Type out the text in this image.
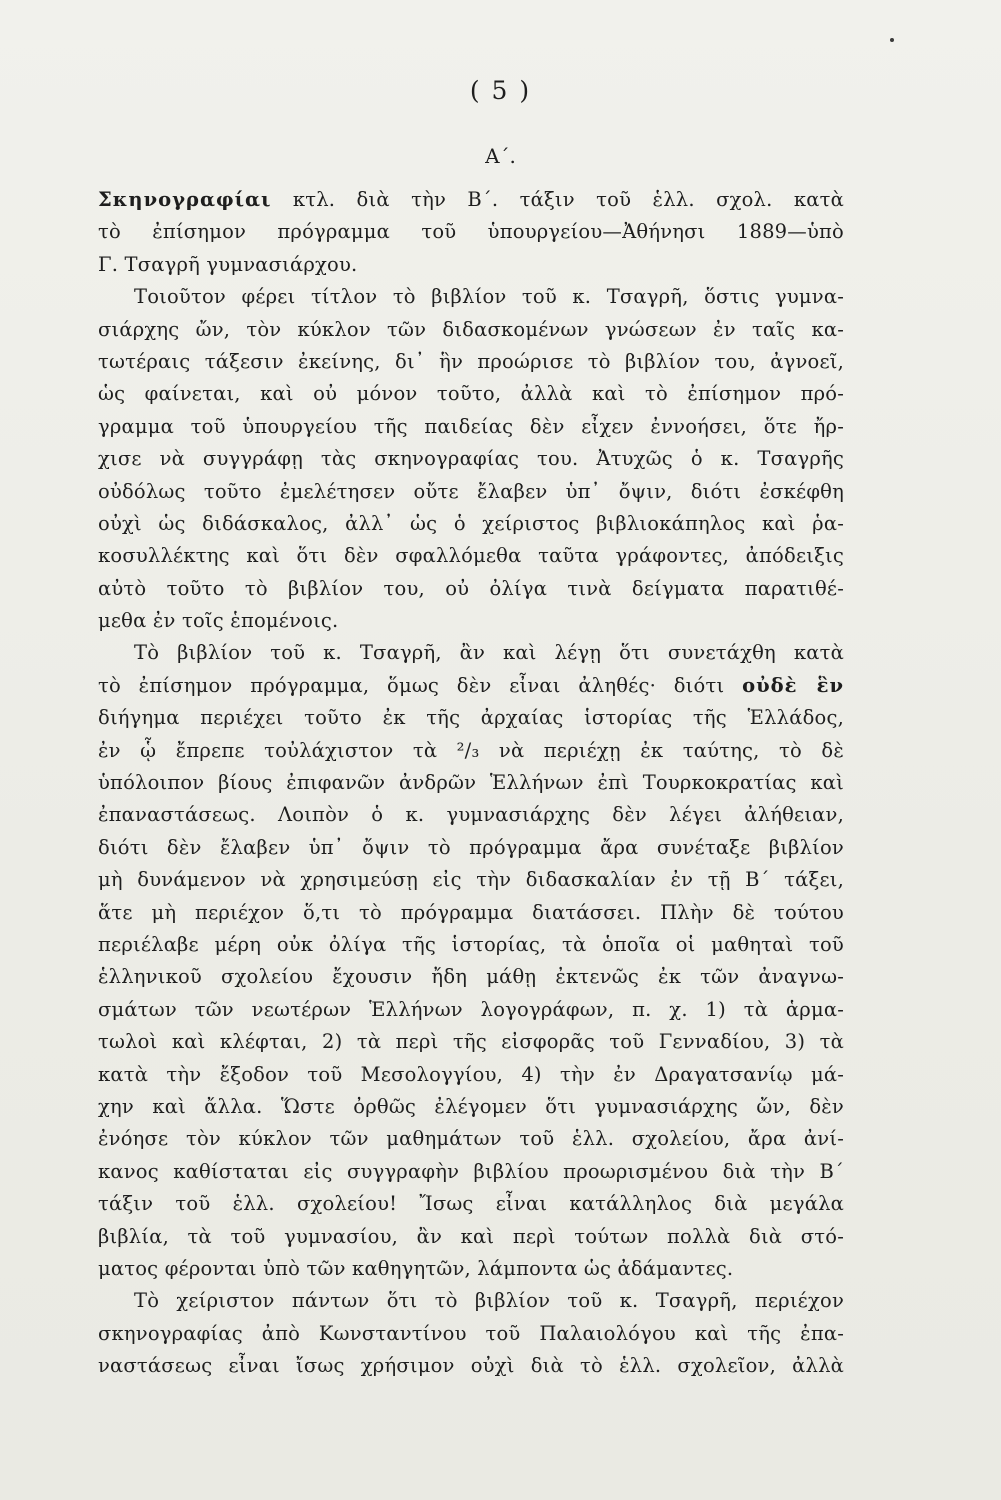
( 5 )
Α΄.
Σκηνογραφίαι κτλ. διὰ τὴν Β΄. τάξιν τοῦ ἑλλ. σχολ. κατὰ
τὸ ἐπίσημον πρόγραμμα τοῦ ὑπουργείου—Ἀθήνησι 1889—ὑπὸ
Γ. Τσαγρῆ γυμνασιάρχου.
Τοιοῦτον φέρει τίτλον τὸ βιβλίον τοῦ κ. Τσαγρῆ, ὅστις γυμνα-
σιάρχης ὤν, τὸν κύκλον τῶν διδασκομένων γνώσεων ἐν ταῖς κα-
τωτέραις τάξεσιν ἐκείνης, δι᾽ ἣν προώρισε τὸ βιβλίον του, ἀγνοεῖ,
ὡς φαίνεται, καὶ οὐ μόνον τοῦτο, ἀλλὰ καὶ τὸ ἐπίσημον πρό-
γραμμα τοῦ ὑπουργείου τῆς παιδείας δὲν εἶχεν ἐννοήσει, ὅτε ἤρ-
χισε νὰ συγγράφῃ τὰς σκηνογραφίας του. Ἀτυχῶς ὁ κ. Τσαγρῆς
οὐδόλως τοῦτο ἐμελέτησεν οὔτε ἔλαβεν ὑπ᾽ ὄψιν, διότι ἐσκέφθη
οὐχὶ ὡς διδάσκαλος, ἀλλ᾽ ὡς ὁ χείριστος βιβλιοκάπηλος καὶ ῥα-
κοσυλλέκτης καὶ ὅτι δὲν σφαλλόμεθα ταῦτα γράφοντες, ἀπόδειξις
αὐτὸ τοῦτο τὸ βιβλίον του, οὐ ὀλίγα τινὰ δείγματα παρατιθέ-
μεθα ἐν τοῖς ἑπομένοις.
Τὸ βιβλίον τοῦ κ. Τσαγρῆ, ἂν καὶ λέγῃ ὅτι συνετάχθη κατὰ
τὸ ἐπίσημον πρόγραμμα, ὅμως δὲν εἶναι ἀληθές· διότι οὐδὲ ἓν
διήγημα περιέχει τοῦτο ἐκ τῆς ἀρχαίας ἱστορίας τῆς Ἑλλάδος,
ἐν ᾧ ἔπρεπε τοὐλάχιστον τὰ ²/₃ νὰ περιέχῃ ἐκ ταύτης, τὸ δὲ
ὑπόλοιπον βίους ἐπιφανῶν ἀνδρῶν Ἑλλήνων ἐπὶ Τουρκοκρατίας καὶ
ἐπαναστάσεως. Λοιπὸν ὁ κ. γυμνασιάρχης δὲν λέγει ἀλήθειαν,
διότι δὲν ἔλαβεν ὑπ᾽ ὄψιν τὸ πρόγραμμα ἄρα συνέταξε βιβλίον
μὴ δυνάμενον νὰ χρησιμεύσῃ εἰς τὴν διδασκαλίαν ἐν τῇ Β΄ τάξει,
ἅτε μὴ περιέχον ὅ,τι τὸ πρόγραμμα διατάσσει. Πλὴν δὲ τούτου
περιέλαβε μέρη οὐκ ὀλίγα τῆς ἱστορίας, τὰ ὁποῖα οἱ μαθηταὶ τοῦ
ἑλληνικοῦ σχολείου ἔχουσιν ἤδη μάθῃ ἐκτενῶς ἐκ τῶν ἀναγνω-
σμάτων τῶν νεωτέρων Ἑλλήνων λογογράφων, π. χ. 1) τὰ ἁρμα-
τωλοὶ καὶ κλέφται, 2) τὰ περὶ τῆς εἰσφορᾶς τοῦ Γενναδίου, 3) τὰ
κατὰ τὴν ἔξοδον τοῦ Μεσολογγίου, 4) τὴν ἐν Δραγατσανίῳ μά-
χην καὶ ἄλλα. Ὥστε ὀρθῶς ἐλέγομεν ὅτι γυμνασιάρχης ὤν, δὲν
ἐνόησε τὸν κύκλον τῶν μαθημάτων τοῦ ἑλλ. σχολείου, ἄρα ἀνί-
κανος καθίσταται εἰς συγγραφὴν βιβλίου προωρισμένου διὰ τὴν Β΄
τάξιν τοῦ ἑλλ. σχολείου! Ἴσως εἶναι κατάλληλος διὰ μεγάλα
βιβλία, τὰ τοῦ γυμνασίου, ἂν καὶ περὶ τούτων πολλὰ διὰ στό-
ματος φέρονται ὑπὸ τῶν καθηγητῶν, λάμποντα ὡς ἀδάμαντες.
Τὸ χείριστον πάντων ὅτι τὸ βιβλίον τοῦ κ. Τσαγρῆ, περιέχον
σκηνογραφίας ἀπὸ Κωνσταντίνου τοῦ Παλαιολόγου καὶ τῆς ἐπα-
ναστάσεως εἶναι ἴσως χρήσιμον οὐχὶ διὰ τὸ ἑλλ. σχολεῖον, ἀλλὰ
